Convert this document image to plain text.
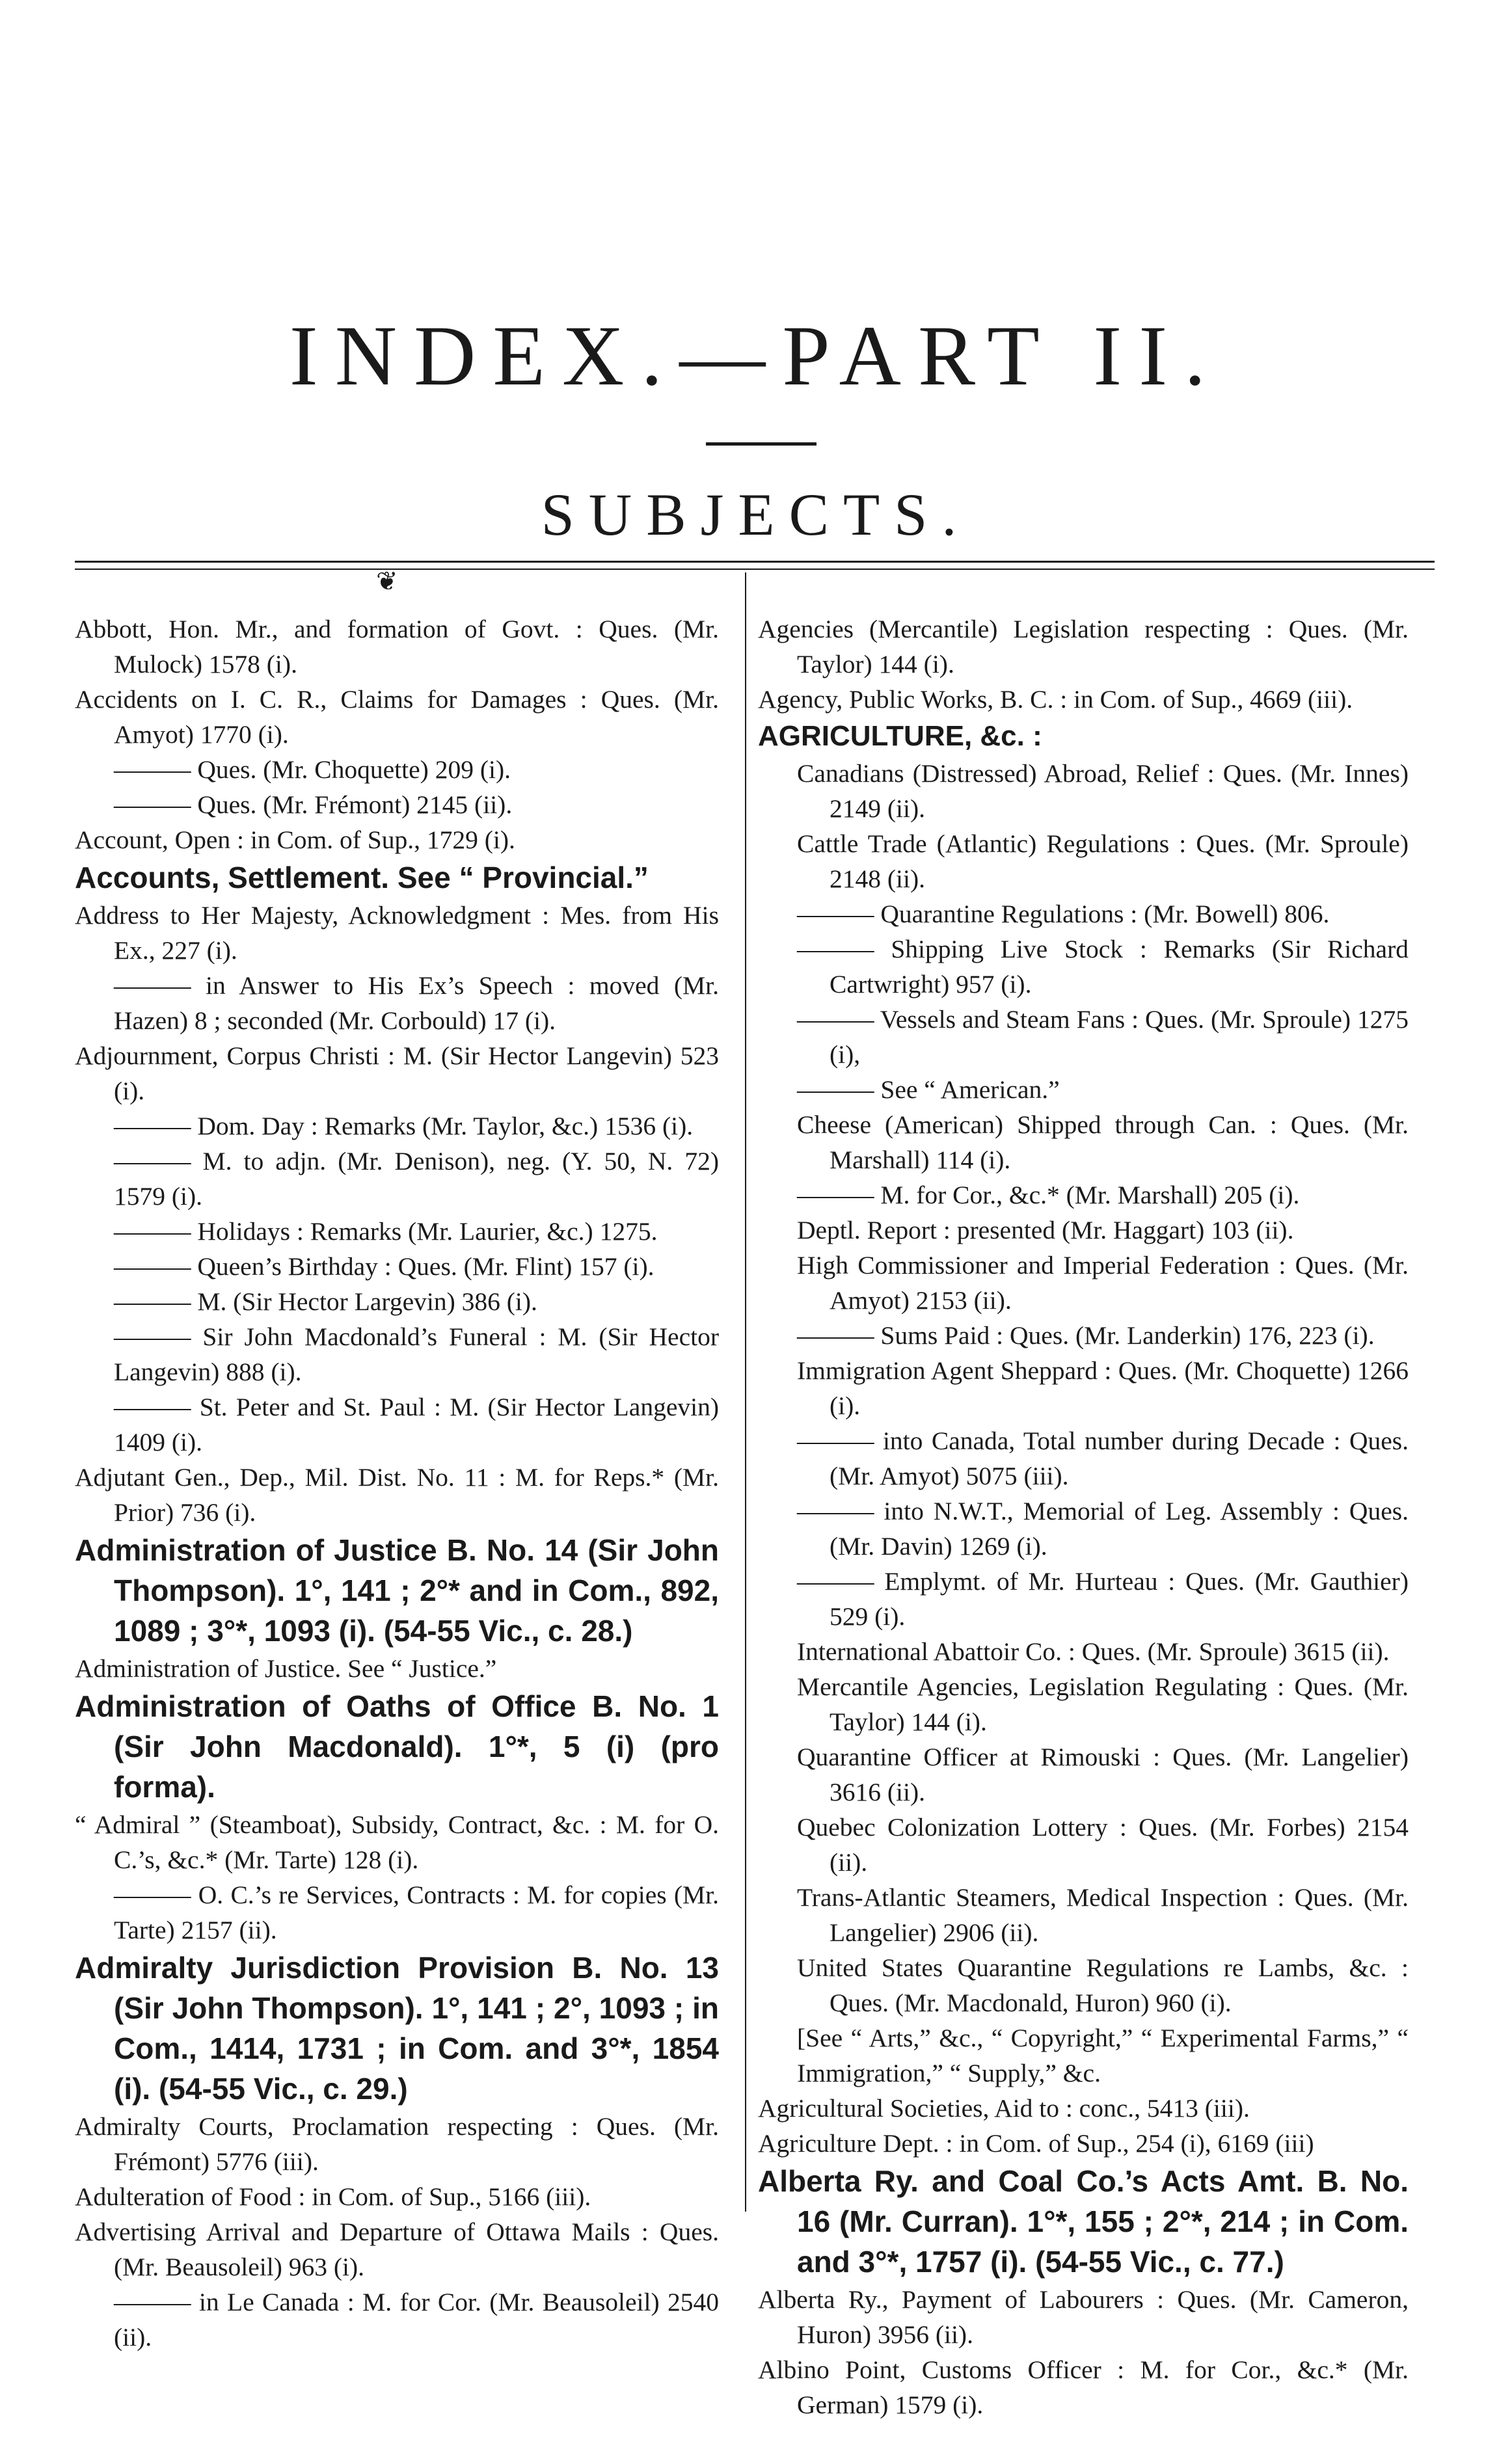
INDEX.—PART II.
SUBJECTS.
❦

Abbott, Hon. Mr., and formation of Govt. : Ques. (Mr. Mulock) 1578 (i).

Accidents on I. C. R., Claims for Damages : Ques. (Mr. Amyot) 1770 (i).

——— Ques. (Mr. Choquette) 209 (i).

——— Ques. (Mr. Frémont) 2145 (ii).

Account, Open : in Com. of Sup., 1729 (i).

Accounts, Settlement. See “ Provincial.”

Address to Her Majesty, Acknowledgment : Mes. from His Ex., 227 (i).

——— in Answer to His Ex’s Speech : moved (Mr. Hazen) 8 ; seconded (Mr. Corbould) 17 (i).

Adjournment, Corpus Christi : M. (Sir Hector Langevin) 523 (i).

——— Dom. Day : Remarks (Mr. Taylor, &c.) 1536 (i).

——— M. to adjn. (Mr. Denison), neg. (Y. 50, N. 72) 1579 (i).

——— Holidays : Remarks (Mr. Laurier, &c.) 1275.

——— Queen’s Birthday : Ques. (Mr. Flint) 157 (i).

——— M. (Sir Hector Largevin) 386 (i).

——— Sir John Macdonald’s Funeral : M. (Sir Hector Langevin) 888 (i).

——— St. Peter and St. Paul : M. (Sir Hector Langevin) 1409 (i).

Adjutant Gen., Dep., Mil. Dist. No. 11 : M. for Reps.* (Mr. Prior) 736 (i).

Administration of Justice B. No. 14 (Sir John Thompson). 1°, 141 ; 2°* and in Com., 892, 1089 ; 3°*, 1093 (i). (54-55 Vic., c. 28.)

Administration of Justice. See “ Justice.”

Administration of Oaths of Office B. No. 1 (Sir John Macdonald). 1°*, 5 (i) (pro forma).

“ Admiral ” (Steamboat), Subsidy, Contract, &c. : M. for O. C.’s, &c.* (Mr. Tarte) 128 (i).

——— O. C.’s re Services, Contracts : M. for copies (Mr. Tarte) 2157 (ii).

Admiralty Jurisdiction Provision B. No. 13 (Sir John Thompson). 1°, 141 ; 2°, 1093 ; in Com., 1414, 1731 ; in Com. and 3°*, 1854 (i). (54-55 Vic., c. 29.)

Admiralty Courts, Proclamation respecting : Ques. (Mr. Frémont) 5776 (iii).

Adulteration of Food : in Com. of Sup., 5166 (iii).

Advertising Arrival and Departure of Ottawa Mails : Ques. (Mr. Beausoleil) 963 (i).

——— in Le Canada : M. for Cor. (Mr. Beausoleil) 2540 (ii).

Agencies (Mercantile) Legislation respecting : Ques. (Mr. Taylor) 144 (i).

Agency, Public Works, B. C. : in Com. of Sup., 4669 (iii).

AGRICULTURE, &c. :

Canadians (Distressed) Abroad, Relief : Ques. (Mr. Innes) 2149 (ii).

Cattle Trade (Atlantic) Regulations : Ques. (Mr. Sproule) 2148 (ii).

——— Quarantine Regulations : (Mr. Bowell) 806.

——— Shipping Live Stock : Remarks (Sir Richard Cartwright) 957 (i).

——— Vessels and Steam Fans : Ques. (Mr. Sproule) 1275 (i),

——— See “ American.”

Cheese (American) Shipped through Can. : Ques. (Mr. Marshall) 114 (i).

——— M. for Cor., &c.* (Mr. Marshall) 205 (i).

Deptl. Report : presented (Mr. Haggart) 103 (ii).

High Commissioner and Imperial Federation : Ques. (Mr. Amyot) 2153 (ii).

——— Sums Paid : Ques. (Mr. Landerkin) 176, 223 (i).

Immigration Agent Sheppard : Ques. (Mr. Choquette) 1266 (i).

——— into Canada, Total number during Decade : Ques. (Mr. Amyot) 5075 (iii).

——— into N.W.T., Memorial of Leg. Assembly : Ques. (Mr. Davin) 1269 (i).

——— Emplymt. of Mr. Hurteau : Ques. (Mr. Gauthier) 529 (i).

International Abattoir Co. : Ques. (Mr. Sproule) 3615 (ii).

Mercantile Agencies, Legislation Regulating : Ques. (Mr. Taylor) 144 (i).

Quarantine Officer at Rimouski : Ques. (Mr. Langelier) 3616 (ii).

Quebec Colonization Lottery : Ques. (Mr. Forbes) 2154 (ii).

Trans-Atlantic Steamers, Medical Inspection : Ques. (Mr. Langelier) 2906 (ii).

United States Quarantine Regulations re Lambs, &c. : Ques. (Mr. Macdonald, Huron) 960 (i).

[See “ Arts,” &c., “ Copyright,” “ Experimental Farms,” “ Immigration,” “ Supply,” &c.

Agricultural Societies, Aid to : conc., 5413 (iii).

Agriculture Dept. : in Com. of Sup., 254 (i), 6169 (iii)

Alberta Ry. and Coal Co.’s Acts Amt. B. No. 16 (Mr. Curran). 1°*, 155 ; 2°*, 214 ; in Com. and 3°*, 1757 (i). (54-55 Vic., c. 77.)

Alberta Ry., Payment of Labourers : Ques. (Mr. Cameron, Huron) 3956 (ii).

Albino Point, Customs Officer : M. for Cor., &c.* (Mr. German) 1579 (i).
